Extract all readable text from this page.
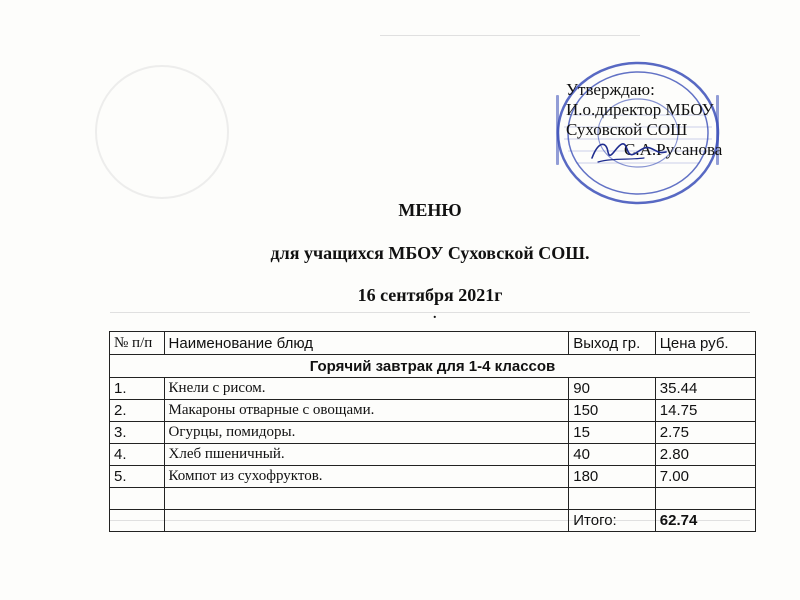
Утверждаю:
И.о.директор МБОУ
Суховской СОШ
С.А.Русанова
МЕНЮ
для учащихся МБОУ Суховской СОШ.
16 сентября 2021г
.
№ п/п	Наименование блюд	Выход гр.	Цена руб.
Горячий завтрак для 1-4 классов			
1.	Кнели с рисом.	90	35.44
2.	Макароны отварные с овощами.	150	14.75
3.	Огурцы, помидоры.	15	2.75
4.	Хлеб пшеничный.	40	2.80
5.	Компот из сухофруктов.	180	7.00

		Итого:	62.74
